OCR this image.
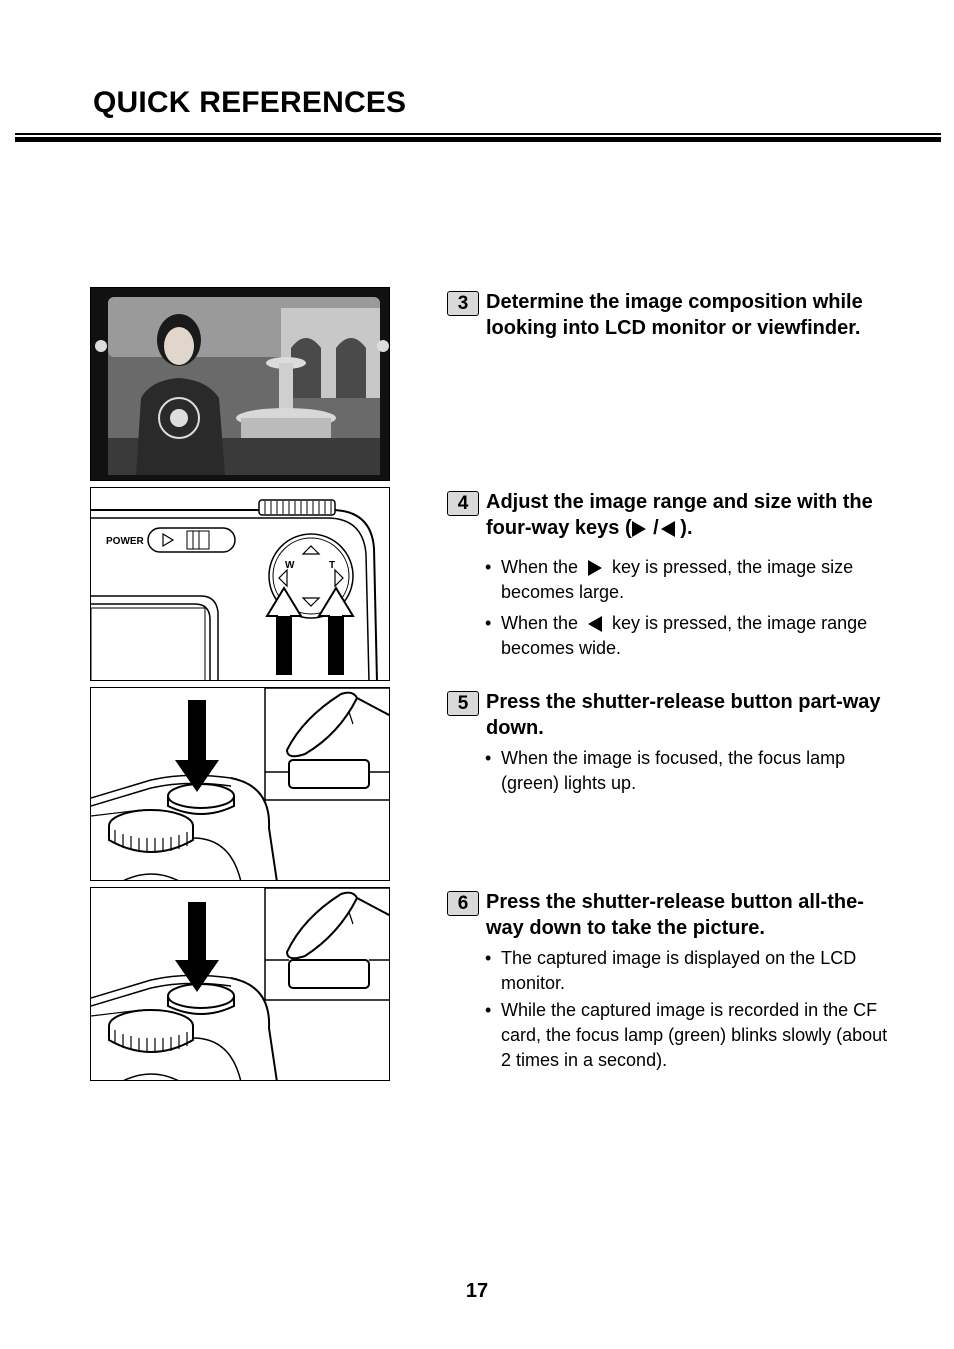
QUICK REFERENCES
POWER
W	T
3 Determine the image composition while looking into LCD monitor or viewfinder.
4 Adjust the image range and size with the four-way keys ( / ).
• When the key is pressed, the image size becomes large.
• When the key is pressed, the image range becomes wide.
5 Press the shutter-release button part-way down.
• When the image is focused, the focus lamp (green) lights up.
6 Press the shutter-release button all-the-way down to take the picture.
• The captured image is displayed on the LCD monitor.
• While the captured image is recorded in the CF card, the focus lamp (green) blinks slowly (about 2 times in a second).
17
